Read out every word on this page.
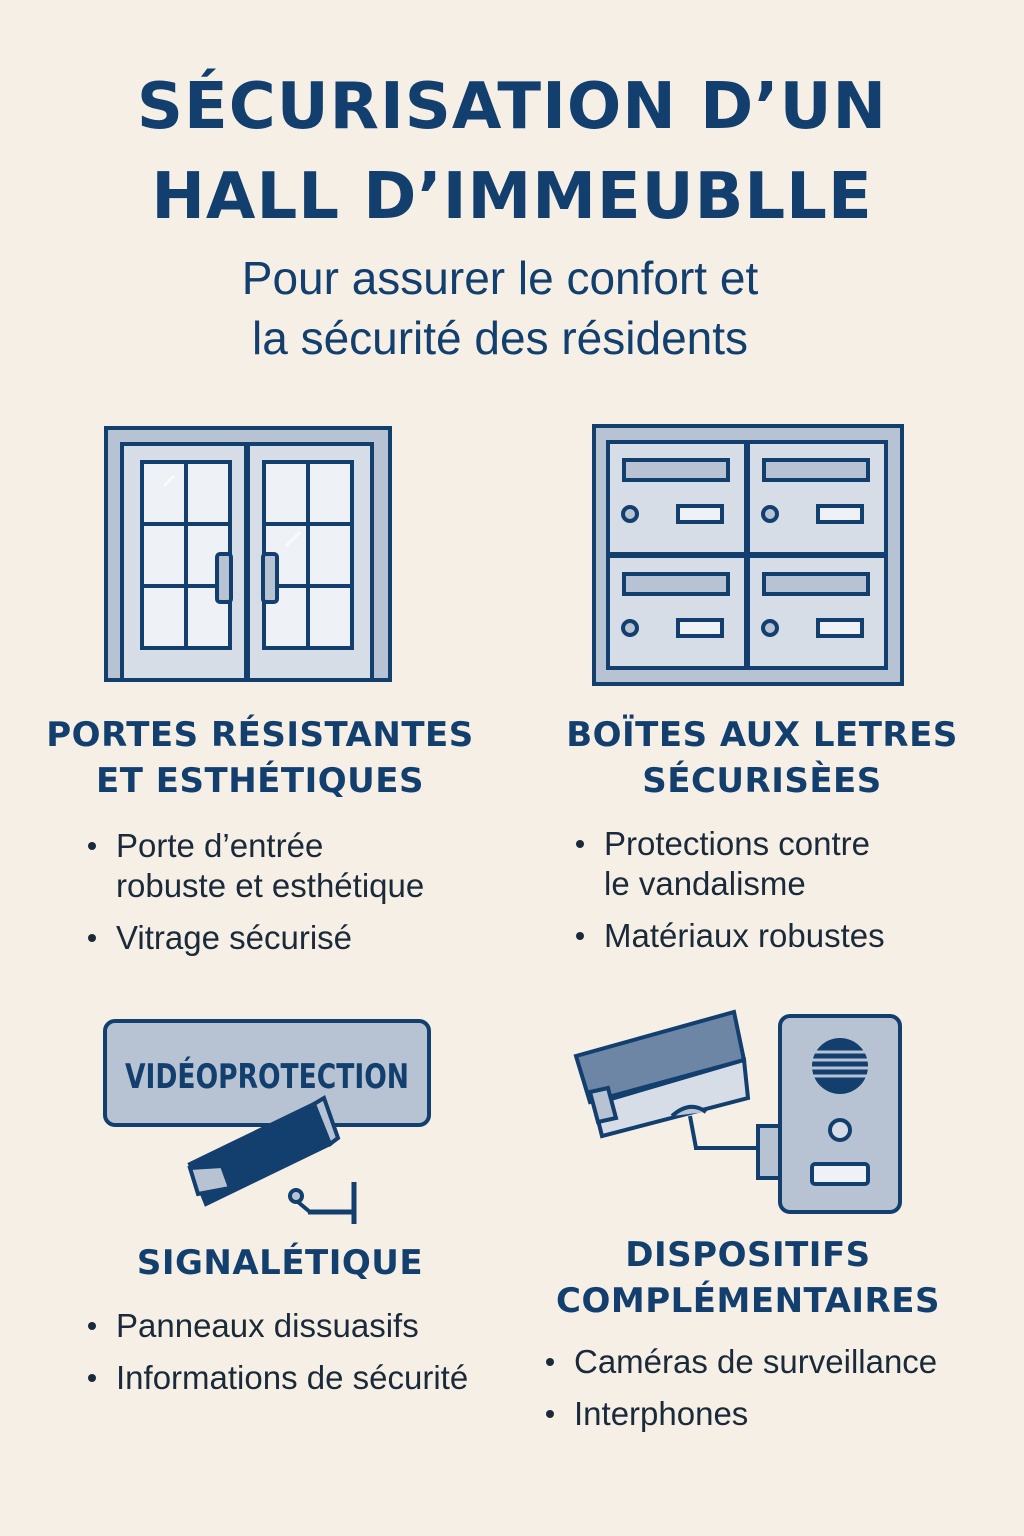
SÉCURISATION D’UN
HALL D’IMMEUBLLE

Pour assurer le confort et
la sécurité des résidents

PORTES RÉSISTANTES
ET ESTHÉTIQUES
Porte d’entrée
robuste et esthétique
Vitrage sécurisé
BOÏTES AUX LETRES
SÉCURISÈES
Protections contre
le vandalisme
Matériaux robustes
VIDÉOPROTECTION
SIGNALÉTIQUE
Panneaux dissuasifs
Informations de sécurité
DISPOSITIFS
COMPLÉMENTAIRES
Caméras de surveillance
Interphones
